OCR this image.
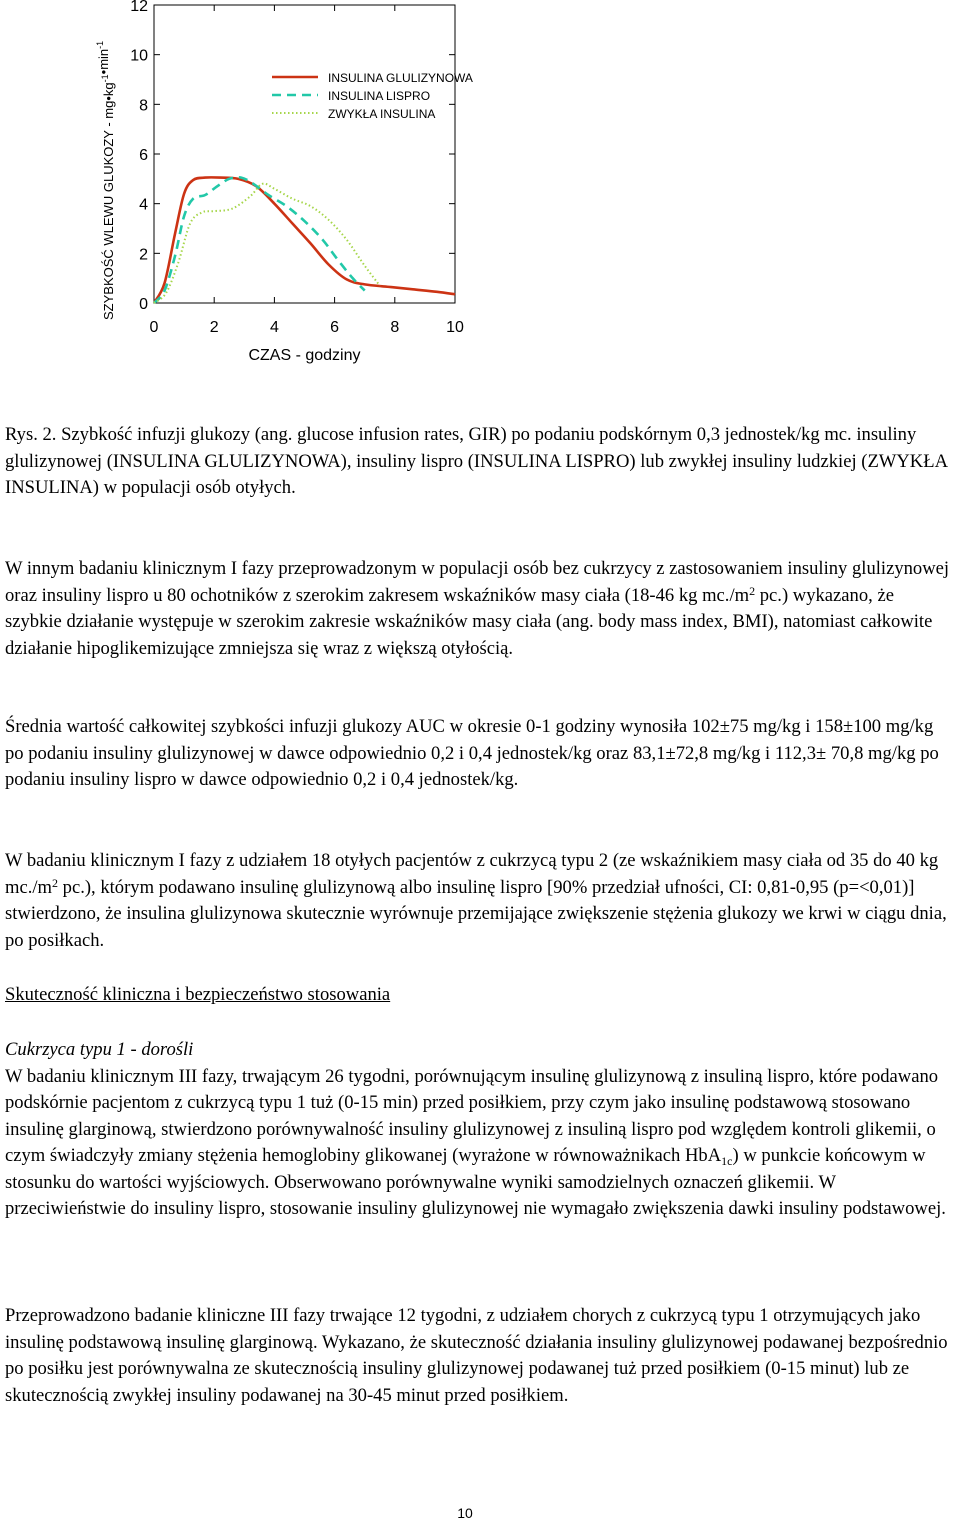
0	2	4	6	8	10
0
2
4
6
8
10
12
CZAS - godziny
SZYBKOŚĆ WLEWU GLUKOZY - $mg•kg^{-1}•\min^{-1}$
INSULINA GLULIZYNOWA
INSULINA LISPRO
ZWYKŁA INSULINA

Rys. 2. Szybkość infuzji glukozy (ang. glucose infusion rates, GIR) po podaniu podskórnym 0,3 jednostek/kg mc. insuliny glulizynowej (INSULINA GLULIZYNOWA), insuliny lispro (INSULINA LISPRO) lub zwykłej insuliny ludzkiej (ZWYKŁA INSULINA) w populacji osób otyłych.

W innym badaniu klinicznym I fazy przeprowadzonym w populacji osób bez cukrzycy z zastosowaniem insuliny glulizynowej oraz insuliny lispro u 80 ochotników z szerokim zakresem wskaźników masy ciała (18-46 kg $mc./m^2$ pc.) wykazano, że szybkie działanie występuje w szerokim zakresie wskaźników masy ciała (ang. body mass index, BMI), natomiast całkowite działanie hipoglikemizujące zmniejsza się wraz z większą otyłością.

Średnia wartość całkowitej szybkości infuzji glukozy AUC w okresie 0-1 godziny wynosiła 102±75 mg/kg i 158±100 mg/kg po podaniu insuliny glulizynowej w dawce odpowiednio 0,2 i 0,4 jednostek/kg oraz 83,1±72,8 mg/kg i 112,3± 70,8 mg/kg po podaniu insuliny lispro w dawce odpowiednio 0,2 i 0,4 jednostek/kg.

W badaniu klinicznym I fazy z udziałem 18 otyłych pacjentów z cukrzycą typu 2 (ze wskaźnikiem masy ciała od 35 do 40 kg $mc./m^2$ pc.), którym podawano insulinę glulizynową albo insulinę lispro [90% przedział ufności, CI: 0,81-0,95 (p=<0,01)] stwierdzono, że insulina glulizynowa skutecznie wyrównuje przemijające zwiększenie stężenia glukozy we krwi w ciągu dnia, po posiłkach.

Skuteczność kliniczna i bezpieczeństwo stosowania

Cukrzyca typu 1 - dorośli

W badaniu klinicznym III fazy, trwającym 26 tygodni, porównującym insulinę glulizynową z insuliną lispro, które podawano podskórnie pacjentom z cukrzycą typu 1 tuż (0-15 min) przed posiłkiem, przy czym jako insulinę podstawową stosowano insulinę glarginową, stwierdzono porównywalność insuliny glulizynowej z insuliną lispro pod względem kontroli glikemii, o czym świadczyły zmiany stężenia hemoglobiny glikowanej (wyrażone w równoważnikach HbA$_{1c}$) w punkcie końcowym w stosunku do wartości wyjściowych. Obserwowano porównywalne wyniki samodzielnych oznaczeń glikemii. W przeciwieństwie do insuliny lispro, stosowanie insuliny glulizynowej nie wymagało zwiększenia dawki insuliny podstawowej.

Przeprowadzono badanie kliniczne III fazy trwające 12 tygodni, z udziałem chorych z cukrzycą typu 1 otrzymujących jako insulinę podstawową insulinę glarginową. Wykazano, że skuteczność działania insuliny glulizynowej podawanej bezpośrednio po posiłku jest porównywalna ze skutecznością insuliny glulizynowej podawanej tuż przed posiłkiem (0-15 minut) lub ze skutecznością zwykłej insuliny podawanej na 30-45 minut przed posiłkiem.

10
